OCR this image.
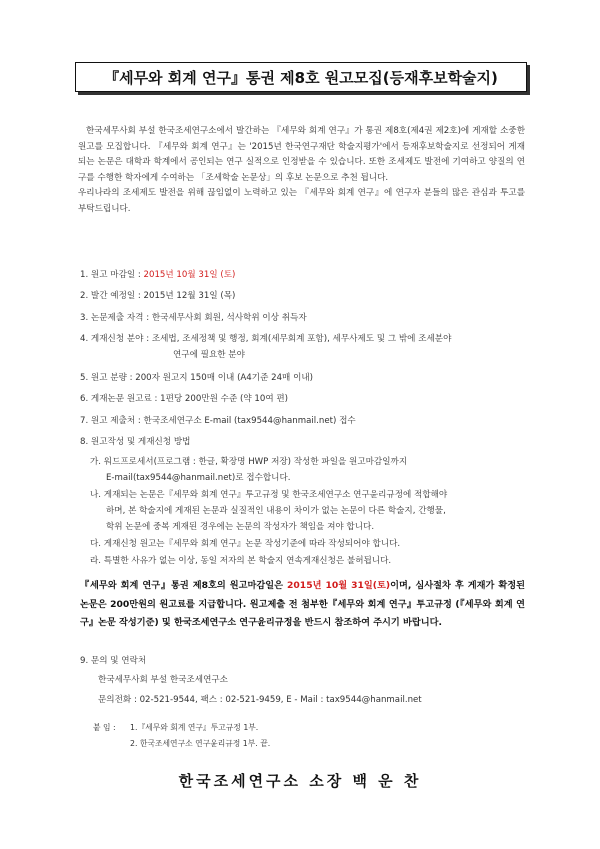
『세무와 회계 연구』통권 제8호 원고모집(등재후보학술지)
한국세무사회 부설 한국조세연구소에서 발간하는 『세무와 회계 연구』가 통권 제8호(제4권 제2호)에 게재할 소중한 원고를 모집합니다. 『세무와 회계 연구』는 '2015년 한국연구재단 학술지평가'에서 등재후보학술지로 선정되어 게재되는 논문은 대학과 학계에서 공인되는 연구 실적으로 인정받을 수 있습니다. 또한 조세제도 발전에 기여하고 양질의 연구를 수행한 학자에게 수여하는 「조세학술 논문상」의 후보 논문으로 추천 됩니다.
우리나라의 조세제도 발전을 위해 끊임없이 노력하고 있는 『세무와 회계 연구』에 연구자 분들의 많은 관심과 투고를 부탁드립니다.
1. 원고 마감일 : 2015년 10월 31일 (토)
2. 발간 예정일 : 2015년 12월 31일 (목)
3. 논문제출 자격 : 한국세무사회 회원, 석사학위 이상 취득자
4. 게재신청 분야 : 조세법, 조세정책 및 행정, 회계(세무회계 포함), 세무사제도 및 그 밖에 조세분야
연구에 필요한 분야
5. 원고 분량 : 200자 원고지 150매 이내 (A4기준 24매 이내)
6. 게재논문 원고료 : 1편당 200만원 수준 (약 10여 편)
7. 원고 제출처 : 한국조세연구소 E-mail (tax9544@hanmail.net) 접수
8. 원고작성 및 게재신청 방법
가. 워드프로세서(프로그램 : 한글, 확장명 HWP 저장) 작성한 파일을 원고마감일까지
E-mail(tax9544@hanmail.net)로 접수합니다.
나. 게재되는 논문은『세무와 회계 연구』투고규정 및 한국조세연구소 연구윤리규정에 적합해야
하며, 본 학술지에 게재된 논문과 실질적인 내용이 차이가 없는 논문이 다른 학술지, 간행물,
학위 논문에 중복 게재된 경우에는 논문의 작성자가 책임을 져야 합니다.
다. 게재신청 원고는『세무와 회계 연구』논문 작성기준에 따라 작성되어야 합니다.
라. 특별한 사유가 없는 이상, 동일 저자의 본 학술지 연속게재신청은 불허됩니다.
『세무와 회계 연구』통권 제8호의 원고마감일은 2015년 10월 31일(토)이며, 심사절차 후 게재가 확정된 논문은 200만원의 원고료를 지급합니다. 원고제출 전 첨부한『세무와 회계 연구』투고규정 (『세무와 회계 연구』논문 작성기준) 및 한국조세연구소 연구윤리규정을 반드시 참조하여 주시기 바랍니다.
9. 문의 및 연락처
한국세무사회 부설 한국조세연구소
문의전화 : 02-521-9544, 팩스 : 02-521-9459, E - Mail : tax9544@hanmail.net
붙 임 : 1.『세무와 회계 연구』투고규정 1부.
2. 한국조세연구소 연구윤리규정 1부. 끝.
한국조세연구소 소장 백 운 찬
